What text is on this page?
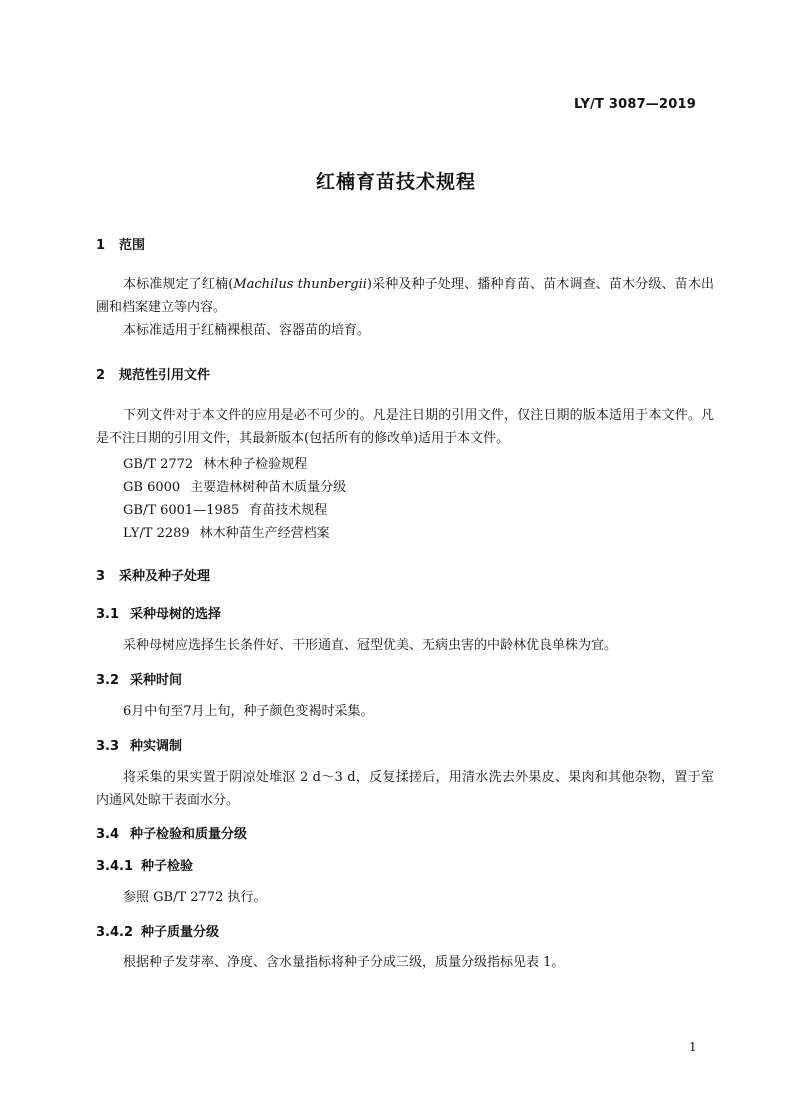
LY/T 3087—2019
红楠育苗技术规程
1 范围

本标准规定了红楠(Machilus thunbergii)采种及种子处理、播种育苗、苗木调查、苗木分级、苗木出圃和档案建立等内容。

本标准适用于红楠裸根苗、容器苗的培育。

2 规范性引用文件

下列文件对于本文件的应用是必不可少的。凡是注日期的引用文件，仅注日期的版本适用于本文件。凡是不注日期的引用文件，其最新版本(包括所有的修改单)适用于本文件。

GB/T 2772 林木种子检验规程
GB 6000 主要造林树种苗木质量分级
GB/T 6001—1985 育苗技术规程
LY/T 2289 林木种苗生产经营档案
3 采种及种子处理
3.1 采种母树的选择

采种母树应选择生长条件好、干形通直、冠型优美、无病虫害的中龄林优良单株为宜。

3.2 采种时间

6月中旬至7月上旬，种子颜色变褐时采集。

3.3 种实调制

将采集的果实置于阴凉处堆沤 2 d～3 d，反复揉搓后，用清水洗去外果皮、果肉和其他杂物，置于室内通风处晾干表面水分。

3.4 种子检验和质量分级
3.4.1 种子检验

参照 GB/T 2772 执行。

3.4.2 种子质量分级

根据种子发芽率、净度、含水量指标将种子分成三级，质量分级指标见表 1。

1
